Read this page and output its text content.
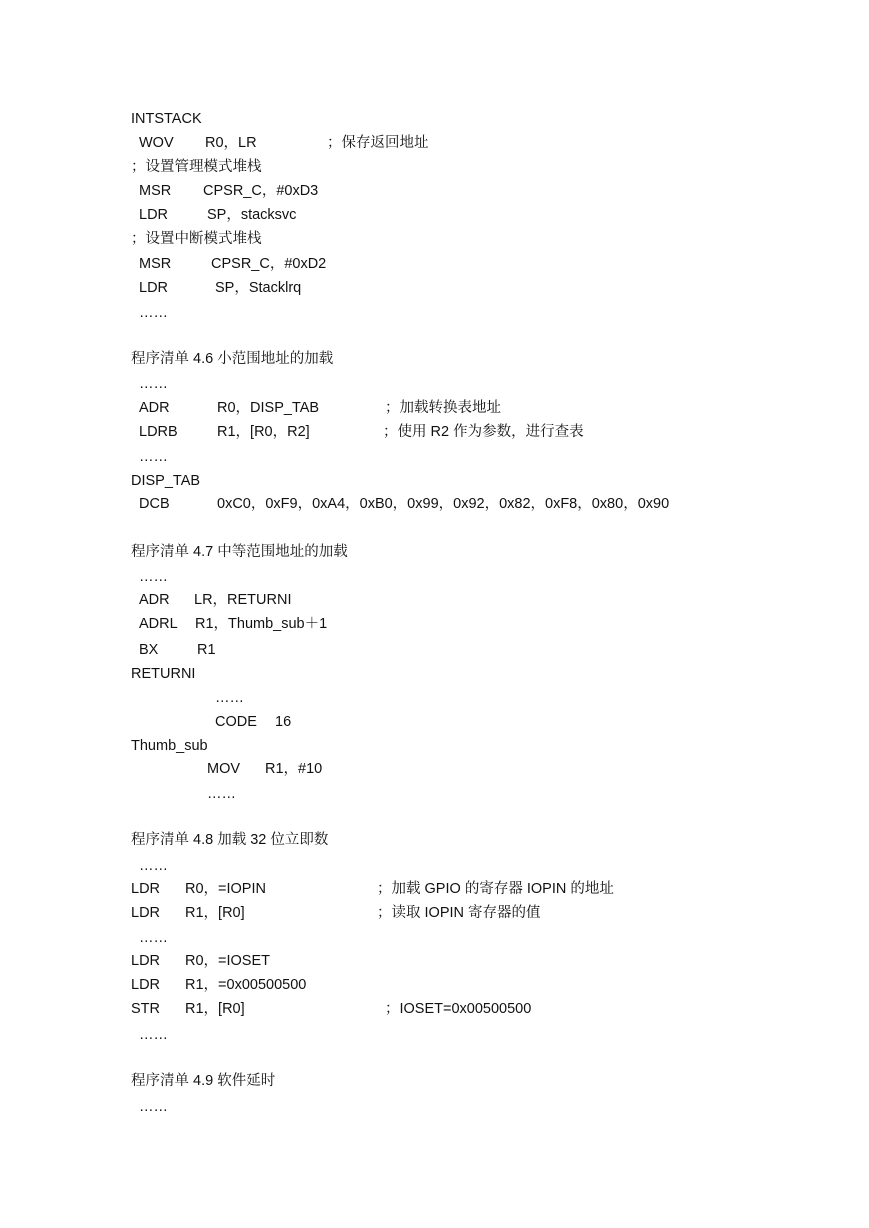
INTSTACK
WOV R0，LR	；保存返回地址
；设置管理模式堆栈
MSR CPSR_C，#0xD3
LDR	SP，stacksvc
；设置中断模式堆栈
MSR	CPSR_C，#0xD2
LDR	SP，Stacklrq
……
程序清单 4.6 小范围地址的加载
……
ADR	R0，DISP_TAB	；加载转换表地址
LDRB	R1，[R0，R2]	；使用 R2 作为参数，进行查表
……
DISP_TAB
DCB	0xC0，0xF9，0xA4，0xB0，0x99，0x92，0x82，0xF8，0x80，0x90
程序清单 4.7 中等范围地址的加载
……
ADR LR，RETURNI
ADRL R1，Thumb_sub＋1
BX	R1
RETURNI
……
CODE 16
Thumb_sub
MOV R1，#10
……
程序清单 4.8 加载 32 位立即数
……
LDR R0，=IOPIN	；加载 GPIO 的寄存器 IOPIN 的地址
LDR R1，[R0]	；读取 IOPIN 寄存器的值
……
LDR R0，=IOSET
LDR R1，=0x00500500
STR R1，[R0]	；IOSET=0x00500500
……
程序清单 4.9 软件延时
……
